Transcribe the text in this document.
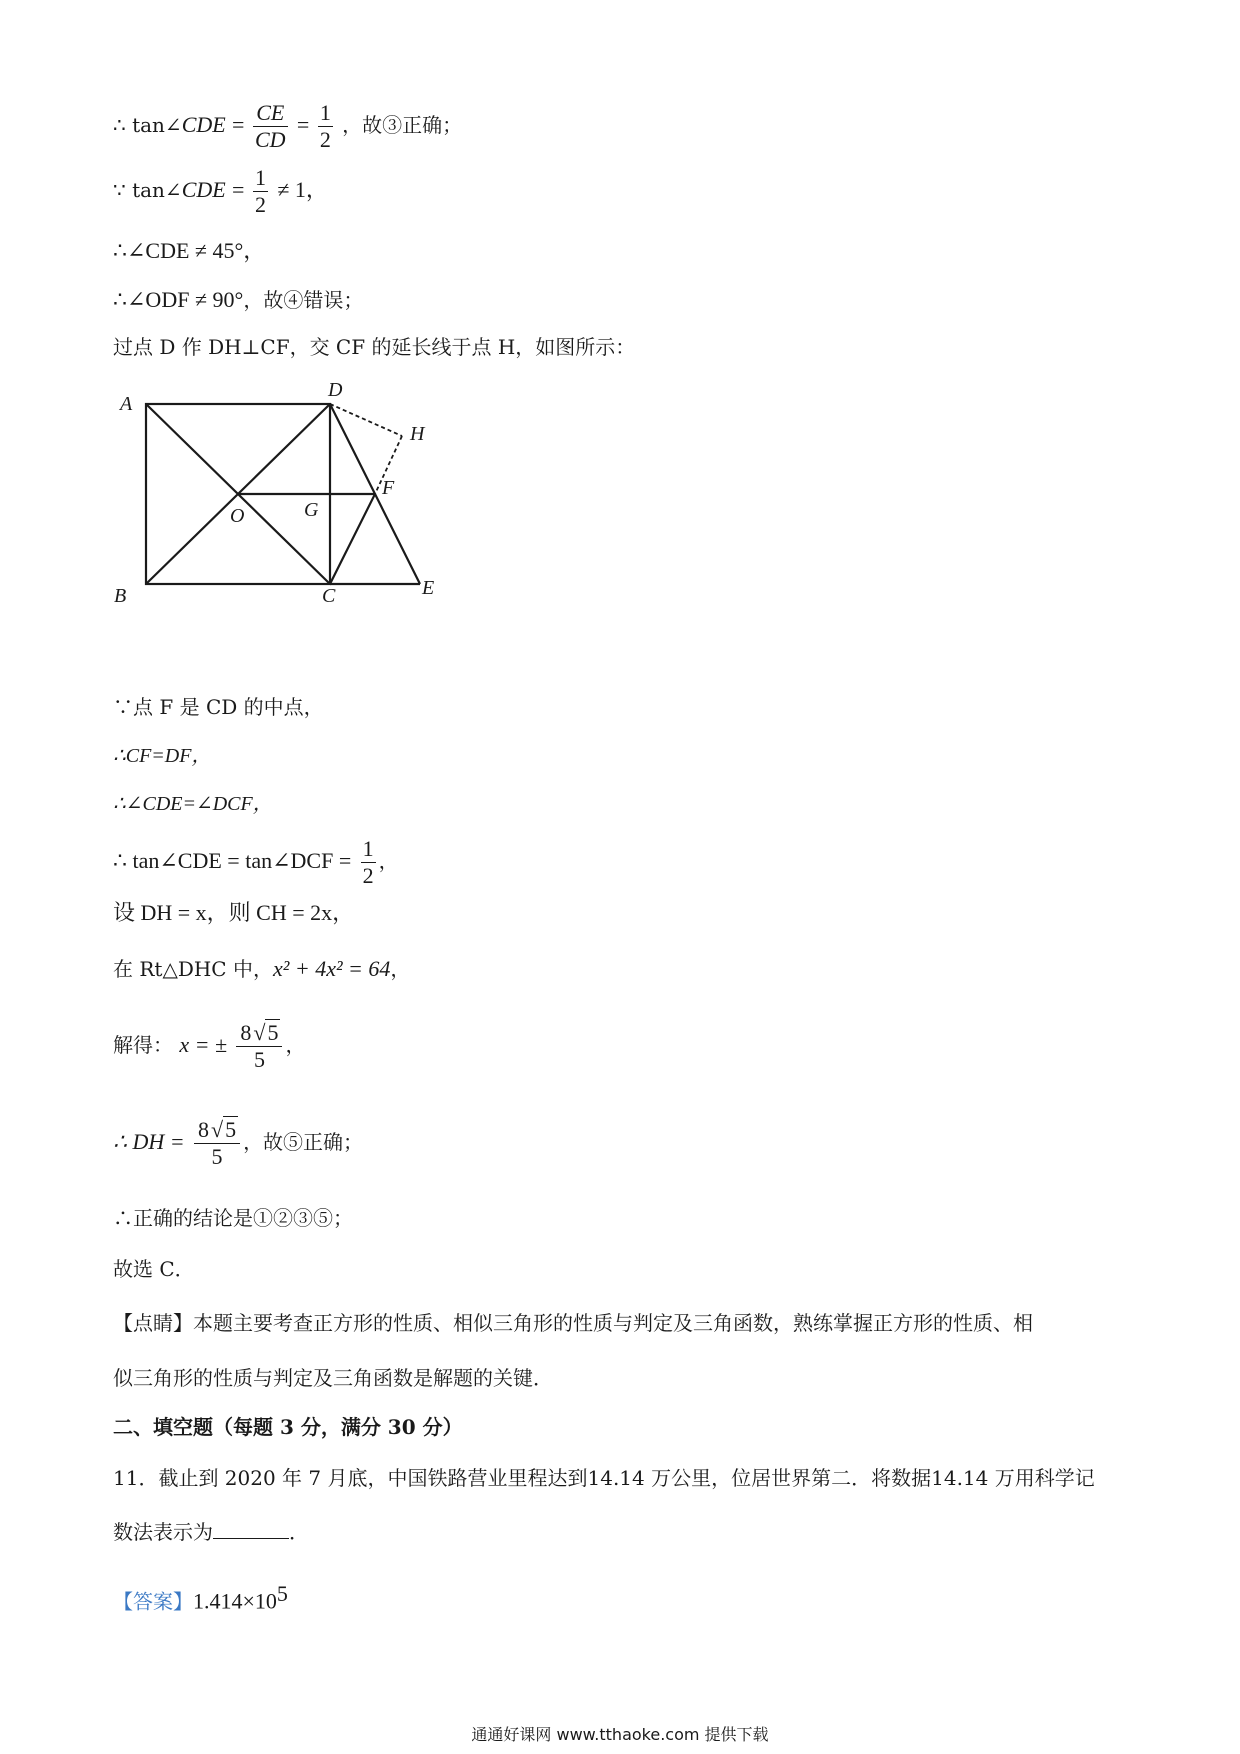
∴ tan∠CDE = $\frac{CE}{CD} = \frac{1}{2}$ ，故③正确；
∵ tan∠CDE = $\frac{1}{2} \ne 1$，
∴∠CDE ≠ 45°，
∴∠ODF ≠ 90°，故④错误；
过点 D 作 DH⊥CF，交 CF 的延长线于点 H，如图所示：
A
B	C
D
E
F
G
H
O
∵点 F 是 CD 的中点，
∴CF=DF，
∴∠CDE=∠DCF，
∴ tan∠CDE = tan∠DCF = $\frac{1}{2}$ ，
设 DH = x，则 CH = 2x，
在 Rt△DHC 中，x² + 4x² = 64，
解得： x = ± $\frac{8√5}{5}$ ，
∴ DH = $\frac{8√5}{5}$ ，故⑤正确；
∴正确的结论是①②③⑤；
故选 C．
【点睛】本题主要考查正方形的性质、相似三角形的性质与判定及三角函数，熟练掌握正方形的性质、相
似三角形的性质与判定及三角函数是解题的关键．
二、填空题（每题 3 分，满分 30 分）
11．截止到 2020 年 7 月底，中国铁路营业里程达到14.14 万公里，位居世界第二．将数据14.14 万用科学记
数法表示为	．
【答案】$1.414\times 10^5$
通通好课网 www.tthaoke.com 提供下载
